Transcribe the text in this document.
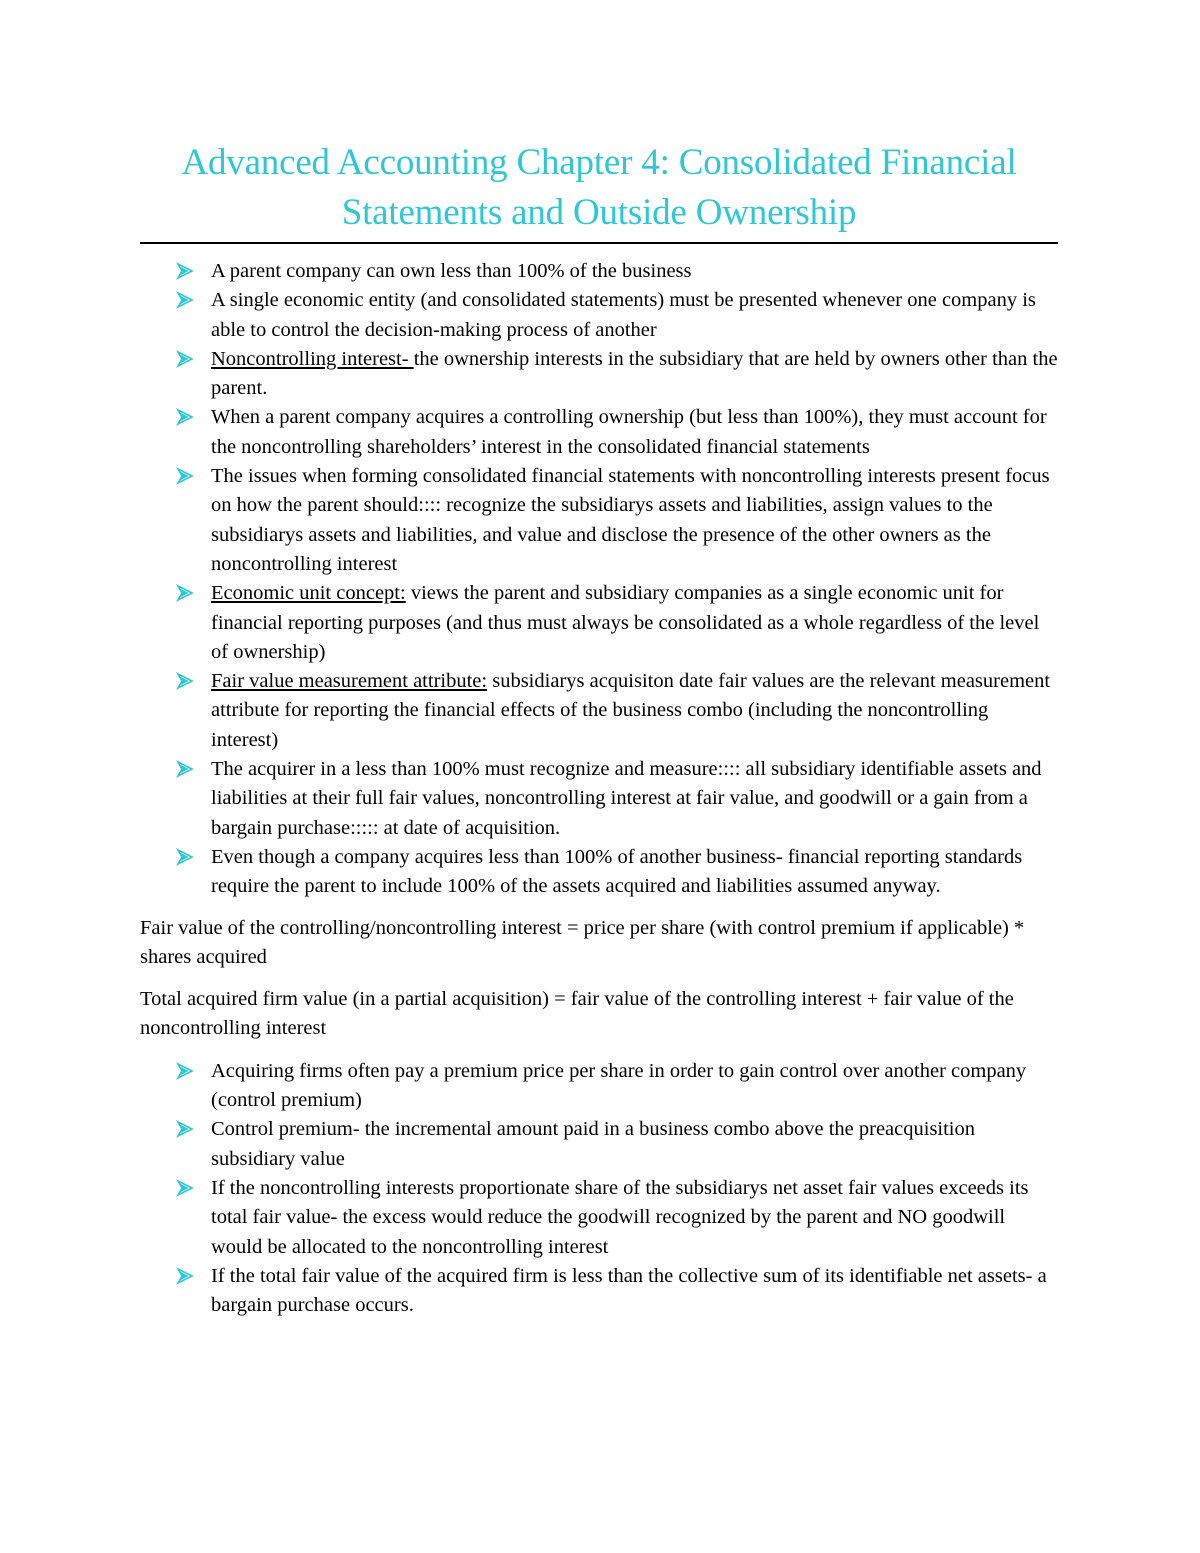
Advanced Accounting Chapter 4: Consolidated Financial Statements and Outside Ownership
A parent company can own less than 100% of the business
A single economic entity (and consolidated statements) must be presented whenever one company is able to control the decision-making process of another
Noncontrolling interest- the ownership interests in the subsidiary that are held by owners other than the parent.
When a parent company acquires a controlling ownership (but less than 100%), they must account for the noncontrolling shareholders’ interest in the consolidated financial statements
The issues when forming consolidated financial statements with noncontrolling interests present focus on how the parent should:::: recognize the subsidiarys assets and liabilities, assign values to the subsidiarys assets and liabilities, and value and disclose the presence of the other owners as the noncontrolling interest
Economic unit concept: views the parent and subsidiary companies as a single economic unit for financial reporting purposes (and thus must always be consolidated as a whole regardless of the level of ownership)
Fair value measurement attribute: subsidiarys acquisiton date fair values are the relevant measurement attribute for reporting the financial effects of the business combo (including the noncontrolling interest)
The acquirer in a less than 100% must recognize and measure:::: all subsidiary identifiable assets and liabilities at their full fair values, noncontrolling interest at fair value, and goodwill or a gain from a bargain purchase::::: at date of acquisition.
Even though a company acquires less than 100% of another business- financial reporting standards require the parent to include 100% of the assets acquired and liabilities assumed anyway.

Fair value of the controlling/noncontrolling interest = price per share (with control premium if applicable) * shares acquired

Total acquired firm value (in a partial acquisition) = fair value of the controlling interest + fair value of the noncontrolling interest

Acquiring firms often pay a premium price per share in order to gain control over another company (control premium)
Control premium- the incremental amount paid in a business combo above the preacquisition subsidiary value
If the noncontrolling interests proportionate share of the subsidiarys net asset fair values exceeds its total fair value- the excess would reduce the goodwill recognized by the parent and NO goodwill would be allocated to the noncontrolling interest
If the total fair value of the acquired firm is less than the collective sum of its identifiable net assets- a bargain purchase occurs.
